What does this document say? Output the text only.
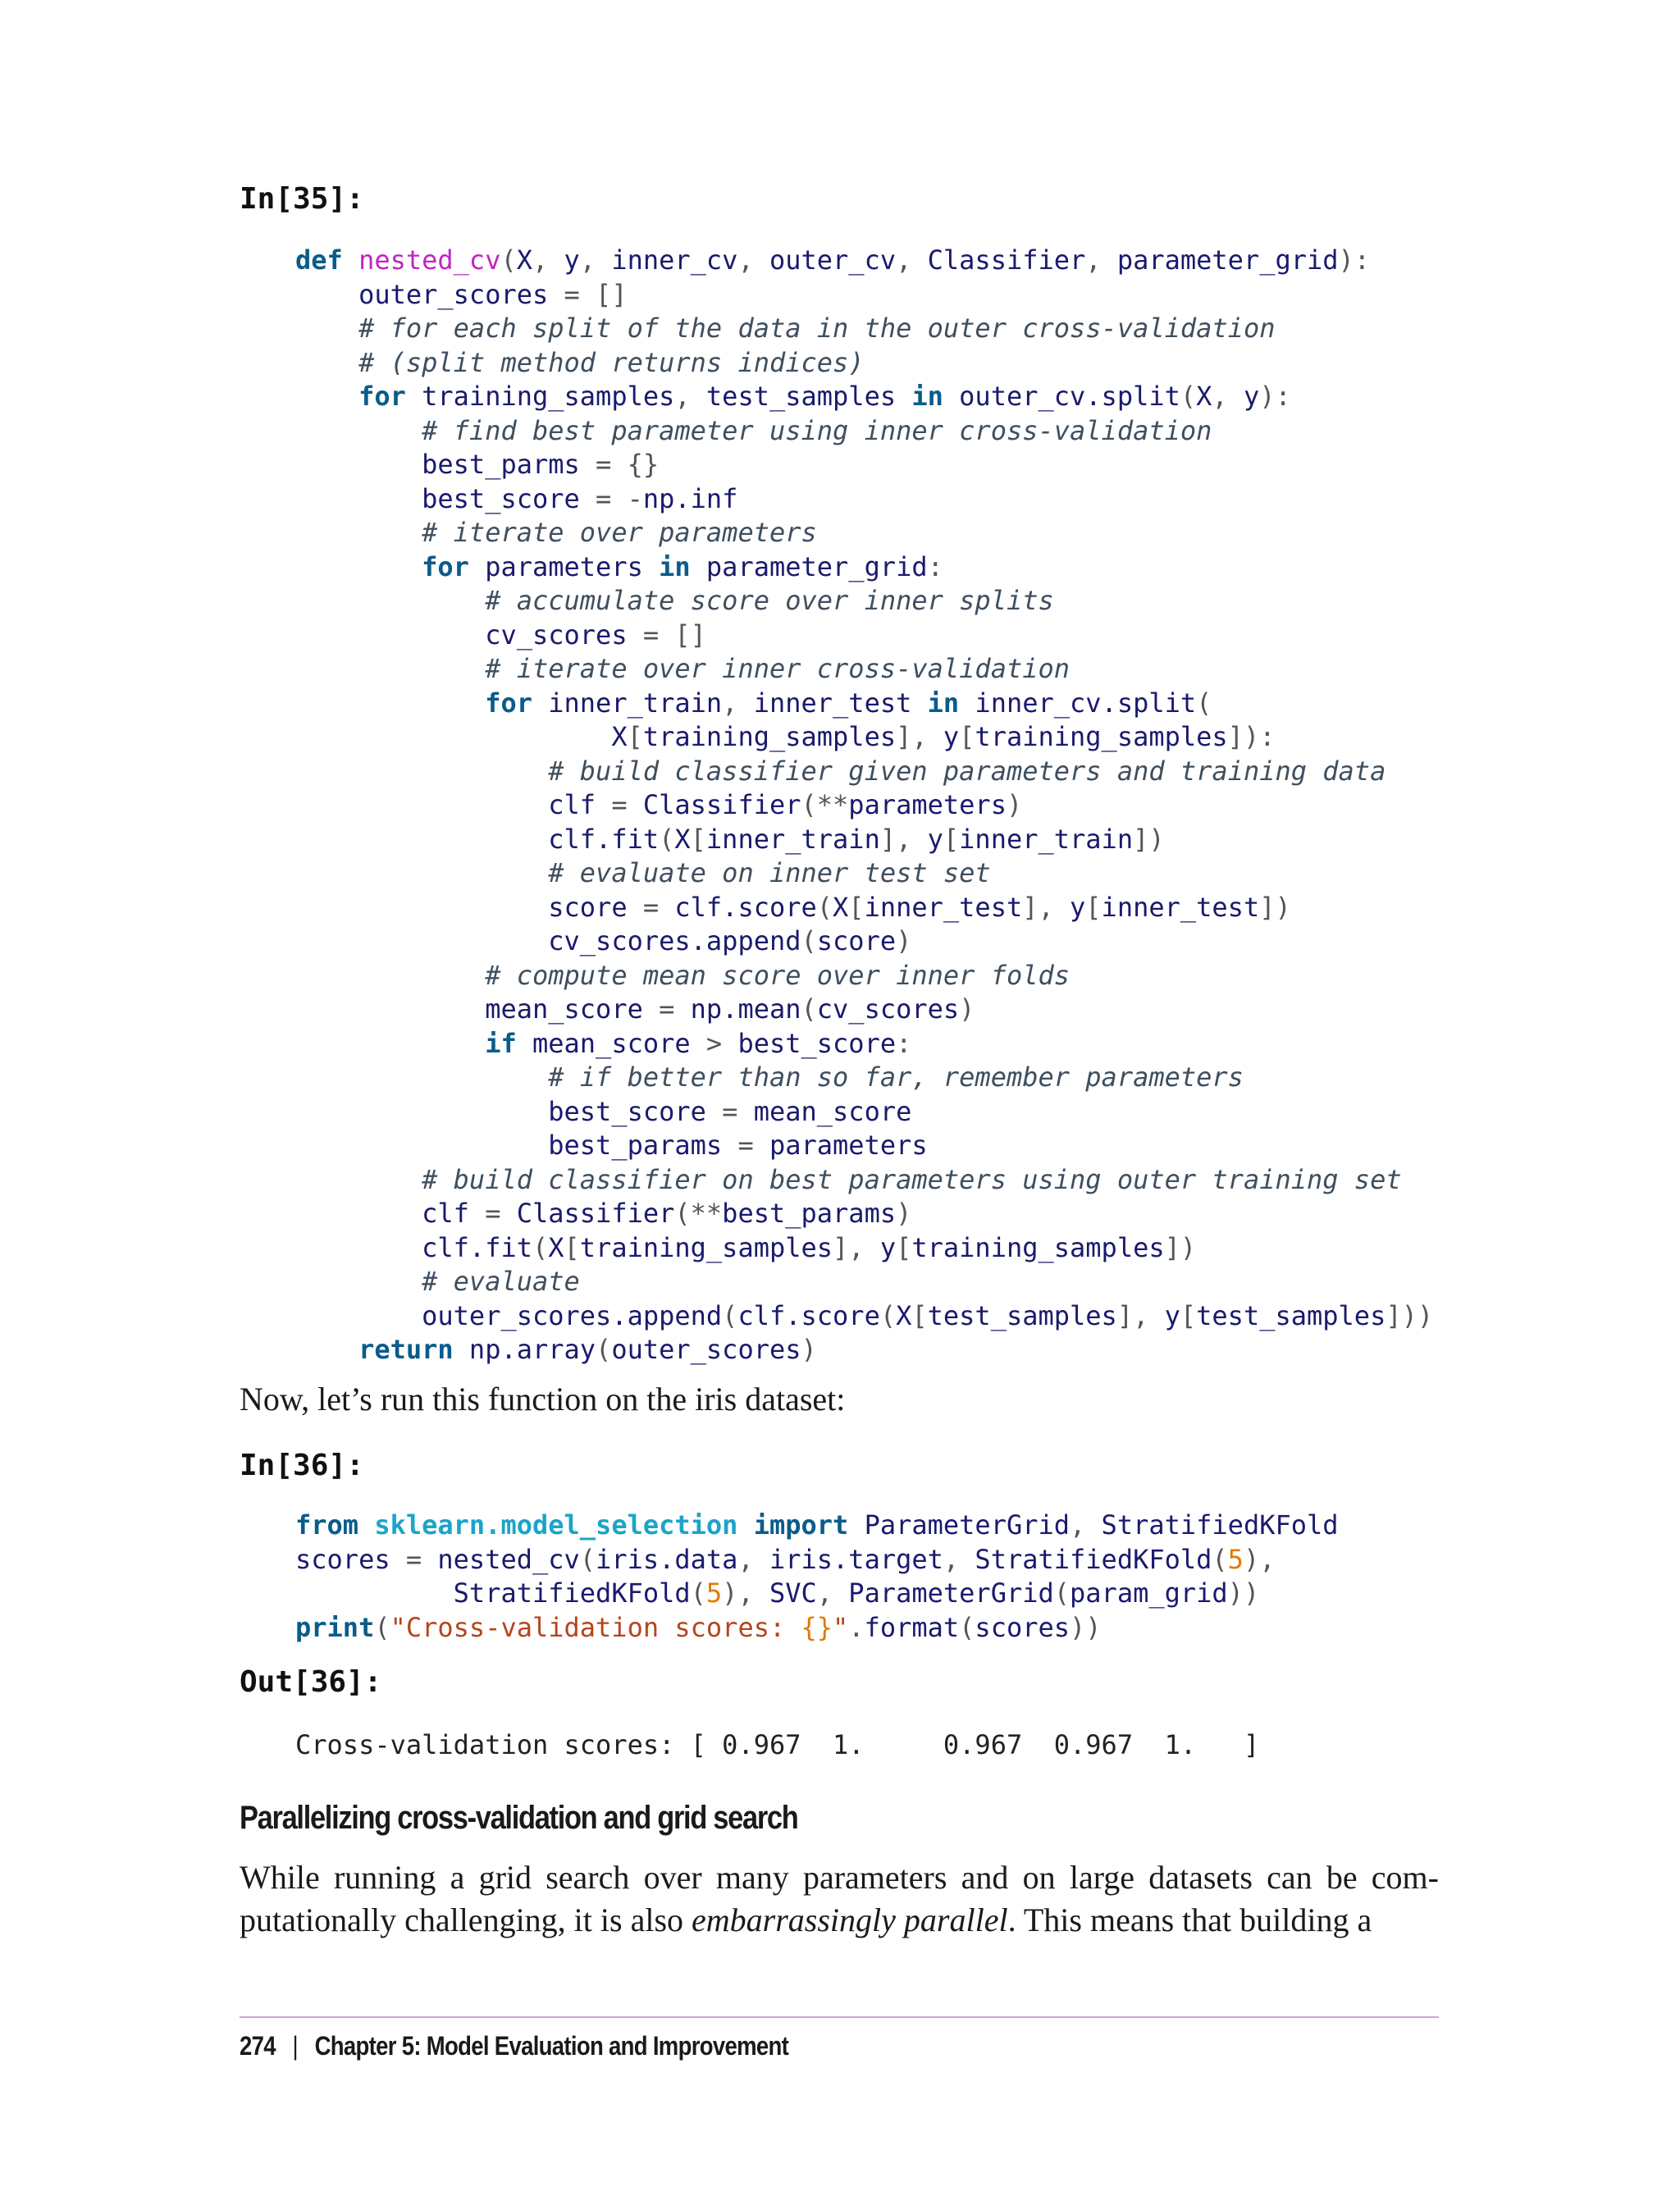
In[35]:

def nested_cv(X, y, inner_cv, outer_cv, Classifier, parameter_grid):
outer_scores = []
# for each split of the data in the outer cross-validation
# (split method returns indices)
for training_samples, test_samples in outer_cv.split(X, y):
# find best parameter using inner cross-validation
best_parms = {}
best_score = -np.inf
# iterate over parameters
for parameters in parameter_grid:
# accumulate score over inner splits
cv_scores = []
# iterate over inner cross-validation
for inner_train, inner_test in inner_cv.split(
X[training_samples], y[training_samples]):
# build classifier given parameters and training data
clf = Classifier(**parameters)
clf.fit(X[inner_train], y[inner_train])
# evaluate on inner test set
score = clf.score(X[inner_test], y[inner_test])
cv_scores.append(score)
# compute mean score over inner folds
mean_score = np.mean(cv_scores)
if mean_score > best_score:
# if better than so far, remember parameters
best_score = mean_score
best_params = parameters
# build classifier on best parameters using outer training set
clf = Classifier(**best_params)
clf.fit(X[training_samples], y[training_samples])
# evaluate
outer_scores.append(clf.score(X[test_samples], y[test_samples]))
return np.array(outer_scores)

Now, let’s run this function on the iris dataset:

In[36]:

from sklearn.model_selection import ParameterGrid, StratifiedKFold
scores = nested_cv(iris.data, iris.target, StratifiedKFold(5),
StratifiedKFold(5), SVC, ParameterGrid(param_grid))
print("Cross-validation scores: {}".format(scores))

Out[36]:

Cross-validation scores: [ 0.967  1.     0.967  0.967  1.   ]
Parallelizing cross-validation and grid search

While running a grid search over many parameters and on large datasets can be computationally challenging, it is also embarrassingly parallel. This means that building a

274 | Chapter 5: Model Evaluation and Improvement
